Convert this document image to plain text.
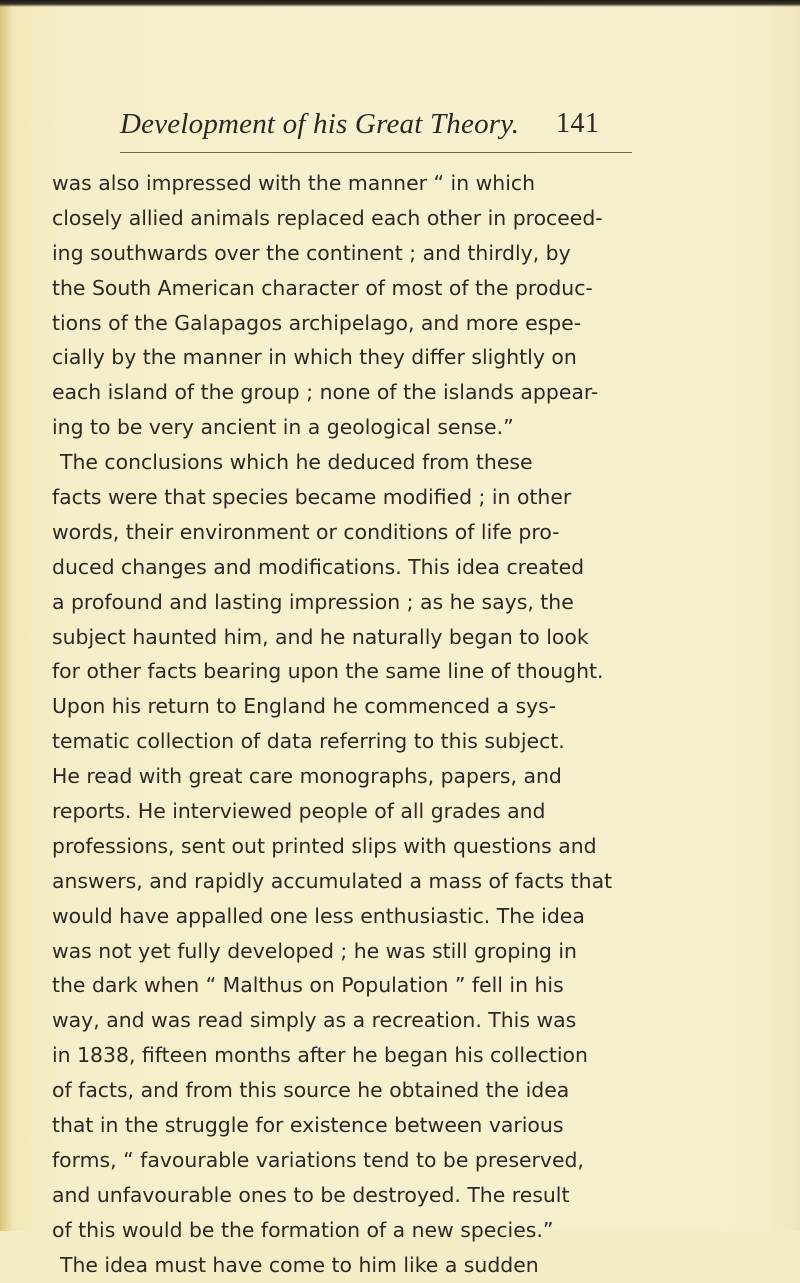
Development of his Great Theory. 141
was also impressed with the manner “ in which
closely allied animals replaced each other in proceed-
ing southwards over the continent ; and thirdly, by
the South American character of most of the produc-
tions of the Galapagos archipelago, and more espe-
cially by the manner in which they differ slightly on
each island of the group ; none of the islands appear-
ing to be very ancient in a geological sense.”
The conclusions which he deduced from these
facts were that species became modified ; in other
words, their environment or conditions of life pro-
duced changes and modifications. This idea created
a profound and lasting impression ; as he says, the
subject haunted him, and he naturally began to look
for other facts bearing upon the same line of thought.
Upon his return to England he commenced a sys-
tematic collection of data referring to this subject.
He read with great care monographs, papers, and
reports. He interviewed people of all grades and
professions, sent out printed slips with questions and
answers, and rapidly accumulated a mass of facts that
would have appalled one less enthusiastic. The idea
was not yet fully developed ; he was still groping in
the dark when “ Malthus on Population ” fell in his
way, and was read simply as a recreation. This was
in 1838, fifteen months after he began his collection
of facts, and from this source he obtained the idea
that in the struggle for existence between various
forms, “ favourable variations tend to be preserved,
and unfavourable ones to be destroyed. The result
of this would be the formation of a new species.”
The idea must have come to him like a sudden
